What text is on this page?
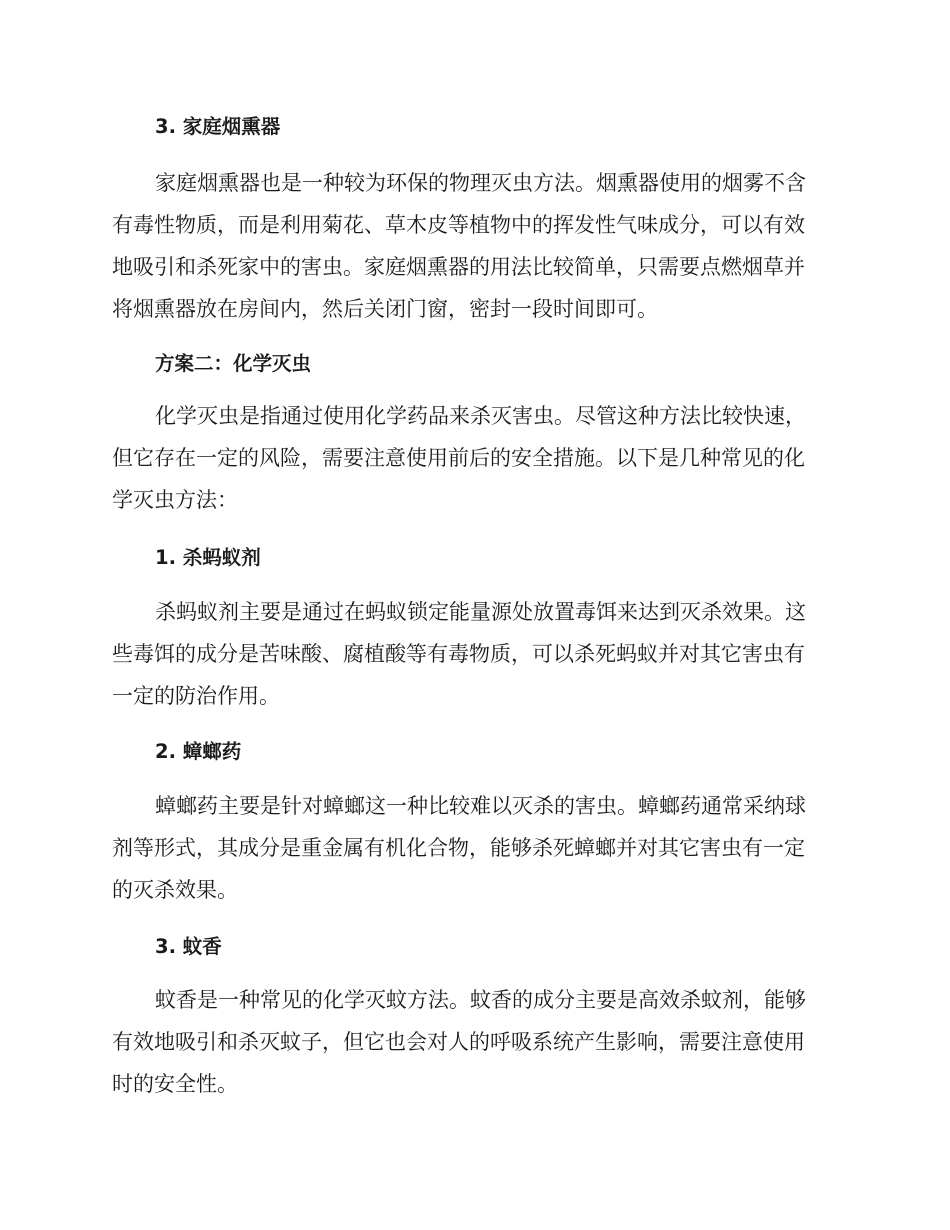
3. 家庭烟熏器
家庭烟熏器也是一种较为环保的物理灭虫方法。烟熏器使用的烟雾不含
有毒性物质，而是利用菊花、草木皮等植物中的挥发性气味成分，可以有效
地吸引和杀死家中的害虫。家庭烟熏器的用法比较简单，只需要点燃烟草并
将烟熏器放在房间内，然后关闭门窗，密封一段时间即可。
方案二：化学灭虫
化学灭虫是指通过使用化学药品来杀灭害虫。尽管这种方法比较快速，
但它存在一定的风险，需要注意使用前后的安全措施。以下是几种常见的化
学灭虫方法：
1. 杀蚂蚁剂
杀蚂蚁剂主要是通过在蚂蚁锁定能量源处放置毒饵来达到灭杀效果。这
些毒饵的成分是苦味酸、腐植酸等有毒物质，可以杀死蚂蚁并对其它害虫有
一定的防治作用。
2. 蟑螂药
蟑螂药主要是针对蟑螂这一种比较难以灭杀的害虫。蟑螂药通常采纳球
剂等形式，其成分是重金属有机化合物，能够杀死蟑螂并对其它害虫有一定
的灭杀效果。
3. 蚊香
蚊香是一种常见的化学灭蚊方法。蚊香的成分主要是高效杀蚊剂，能够
有效地吸引和杀灭蚊子，但它也会对人的呼吸系统产生影响，需要注意使用
时的安全性。
